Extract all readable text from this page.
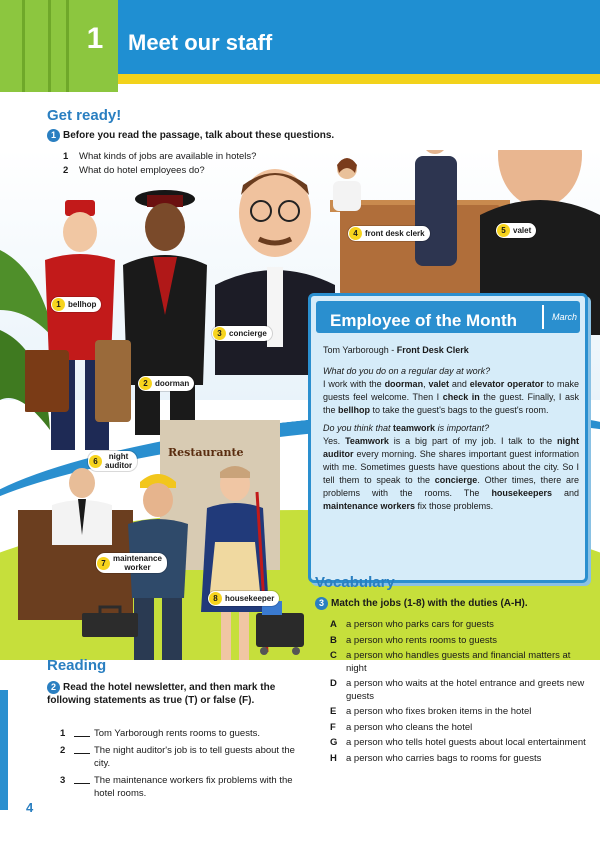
1	Meet our staff
Restaurante
1 bellhop
2 doorman
3 concierge
4 front desk clerk	5 valet
6	night
auditor
7 maintenance
worker
8 housekeeper
Get ready!
1 Before you read the passage, talk about these questions.
1 What kinds of jobs are available in hotels?
2 What do hotel employees do?
Employee of the Month	March

Tom Yarborough - Front Desk Clerk

What do you do on a regular day at work?

I work with the doorman, valet and elevator operator to make guests feel welcome. Then I check in the guest. Finally, I ask the bellhop to take the guest's bags to the guest's room.

Do you think that teamwork is important?

Yes. Teamwork is a big part of my job. I talk to the night auditor every morning. She shares important guest information with me. Sometimes guests have questions about the city. So I tell them to speak to the concierge. Other times, there are problems with the rooms. The housekeepers and maintenance workers fix those problems.

Vocabulary
3 Match the jobs (1-8) with the duties (A-H).
A a person who parks cars for guests
B a person who rents rooms to guests
C a person who handles guests and financial matters at night
D a person who waits at the hotel entrance and greets new guests
E	a person who fixes broken items in the hotel
F	a person who cleans the hotel
G a person who tells hotel guests about local entertainment
H a person who carries bags to rooms for guests
Reading
2 Read the hotel newsletter, and then mark the following statements as true (T) or false (F).
1	Tom Yarborough rents rooms to guests.
2	The night auditor's job is to tell guests about the city.
3	The maintenance workers fix problems with the hotel rooms.
4
